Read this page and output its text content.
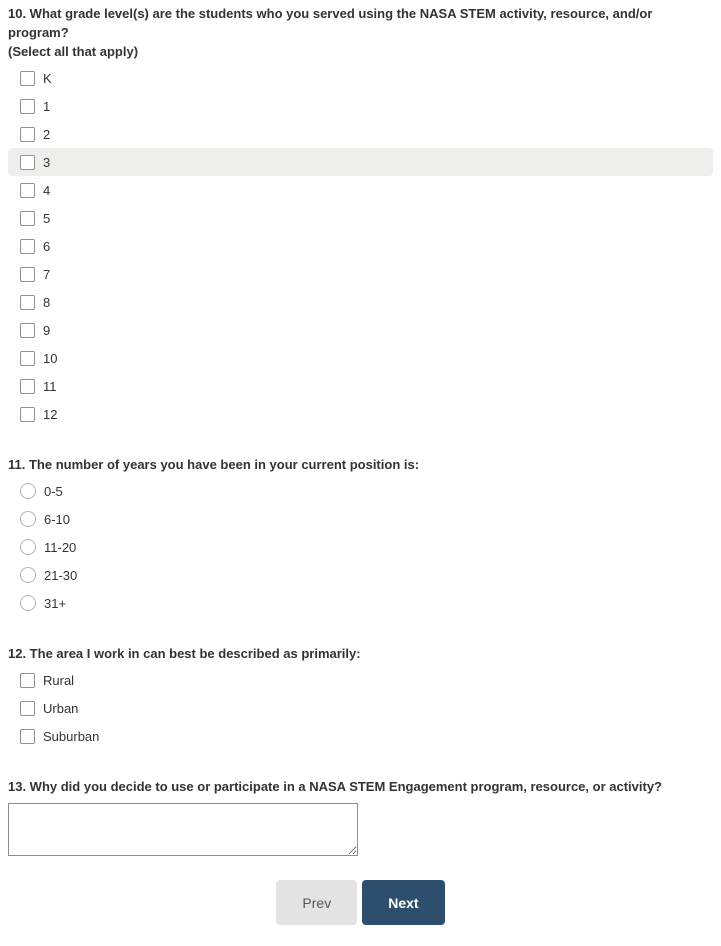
10. What grade level(s) are the students who you served using the NASA STEM activity, resource, and/or program?
(Select all that apply)
K
1
2
3
4
5
6
7
8
9
10
11
12
11. The number of years you have been in your current position is:
0-5
6-10
11-20
21-30
31+
12. The area I work in can best be described as primarily:
Rural
Urban
Suburban
13. Why did you decide to use or participate in a NASA STEM Engagement program, resource, or activity?
Prev	Next
